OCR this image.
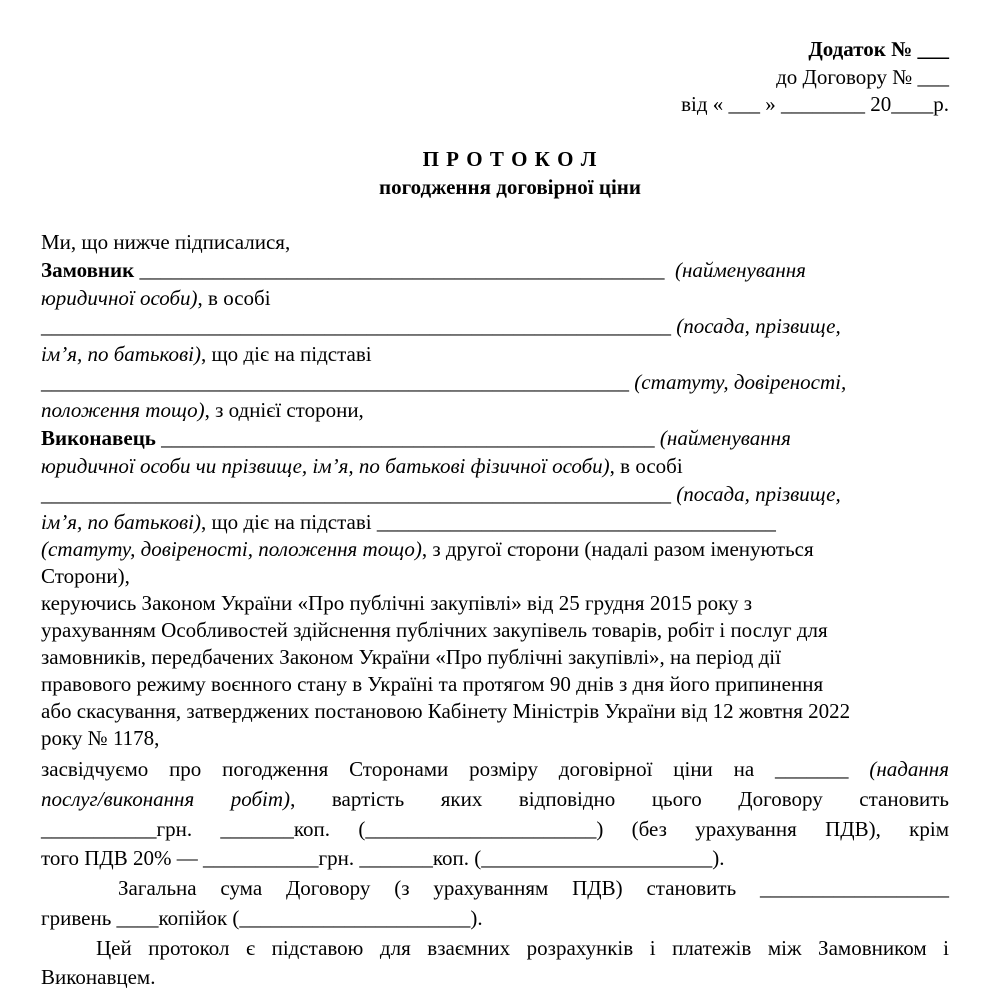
Додаток № ___
до Договору № ___
від « ___ » ________ 20____р.
П Р О Т О К О Л
погодження договірної ціни
Ми, що нижче підписалися,
Замовник __________________________________________________  (найменування
юридичної особи), в особі
____________________________________________________________ (посада, прізвище,
ім’я, по батькові), що діє на підставі
________________________________________________________ (статуту, довіреності,
положення тощо), з однієї сторони,
Виконавець _______________________________________________ (найменування
юридичної особи чи прізвище, ім’я, по батькові фізичної особи), в особі
____________________________________________________________ (посада, прізвище,
ім’я, по батькові), що діє на підставі ______________________________________
(статуту, довіреності, положення тощо), з другої сторони (надалі разом іменуються
Сторони),
керуючись Законом України «Про публічні закупівлі» від 25 грудня 2015 року з
урахуванням Особливостей здійснення публічних закупівель товарів, робіт і послуг для
замовників, передбачених Законом України «Про публічні закупівлі», на період дії
правового режиму воєнного стану в Україні та протягом 90 днів з дня його припинення
або скасування, затверджених постановою Кабінету Міністрів України від 12 жовтня 2022
року № 1178,
засвідчуємо про погодження Сторонами розміру договірної ціни на _______ (надання
послуг/виконання робіт), вартість яких відповідно цього Договору становить
___________грн. _______коп. (______________________) (без урахування ПДВ), крім
того ПДВ 20% — ___________грн. _______коп. (______________________).
Загальна сума Договору (з урахуванням ПДВ) становить __________________
гривень ____копійок (______________________).
Цей протокол є підставою для взаємних розрахунків і платежів між Замовником і
Виконавцем.
